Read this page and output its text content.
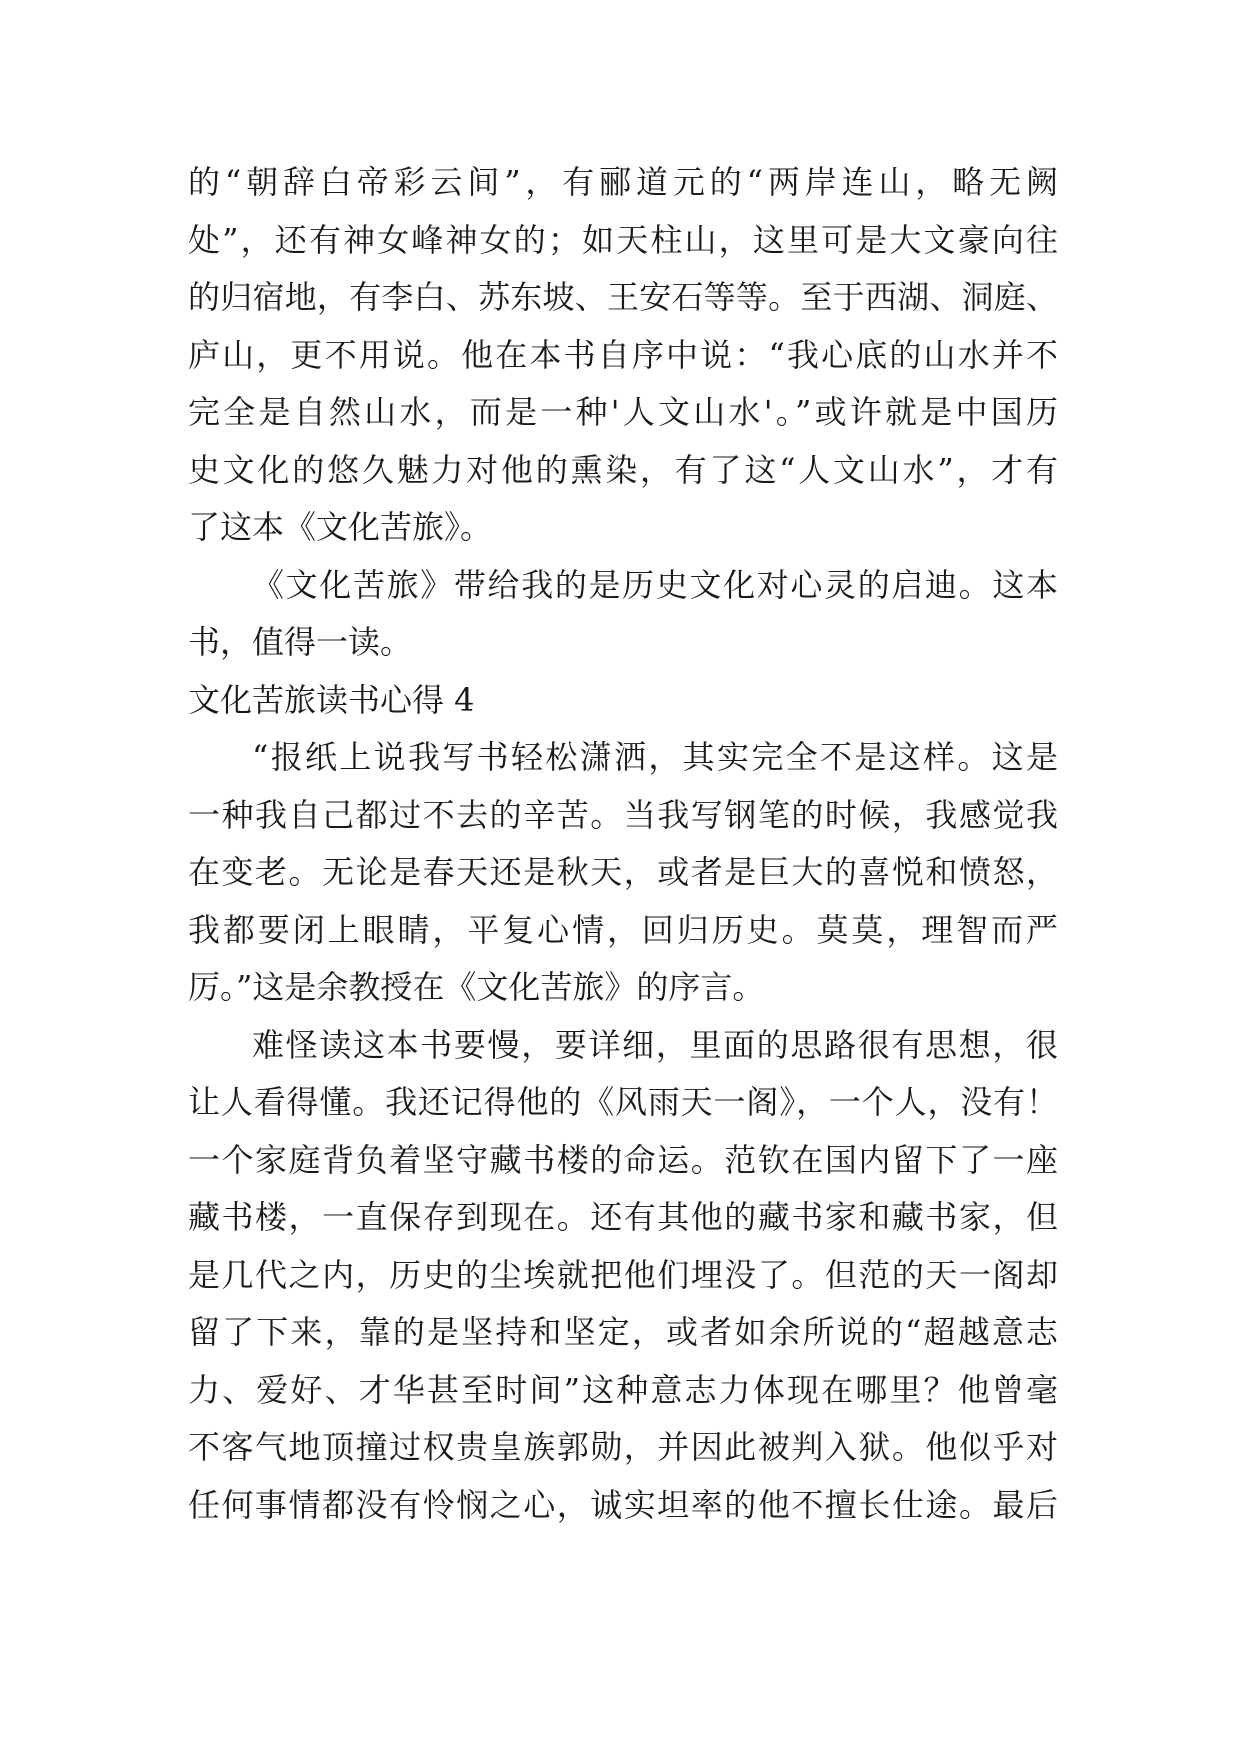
的“朝辞白帝彩云间”，有郦道元的“两岸连山，略无阙
处”，还有神女峰神女的；如天柱山，这里可是大文豪向往
的归宿地，有李白、苏东坡、王安石等等。至于西湖、洞庭、
庐山，更不用说。他在本书自序中说：“我心底的山水并不
完全是自然山水，而是一种'人文山水'。”或许就是中国历
史文化的悠久魅力对他的熏染，有了这“人文山水”，才有
了这本《文化苦旅》。
《文化苦旅》带给我的是历史文化对心灵的启迪。这本
书，值得一读。
文化苦旅读书心得 4
“报纸上说我写书轻松潇洒，其实完全不是这样。这是
一种我自己都过不去的辛苦。当我写钢笔的时候，我感觉我
在变老。无论是春天还是秋天，或者是巨大的喜悦和愤怒，
我都要闭上眼睛，平复心情，回归历史。莫莫，理智而严
厉。”这是余教授在《文化苦旅》的序言。
难怪读这本书要慢，要详细，里面的思路很有思想，很
让人看得懂。我还记得他的《风雨天一阁》，一个人，没有！
一个家庭背负着坚守藏书楼的命运。范钦在国内留下了一座
藏书楼，一直保存到现在。还有其他的藏书家和藏书家，但
是几代之内，历史的尘埃就把他们埋没了。但范的天一阁却
留了下来，靠的是坚持和坚定，或者如余所说的“超越意志
力、爱好、才华甚至时间”这种意志力体现在哪里？他曾毫
不客气地顶撞过权贵皇族郭勋，并因此被判入狱。他似乎对
任何事情都没有怜悯之心，诚实坦率的他不擅长仕途。最后
